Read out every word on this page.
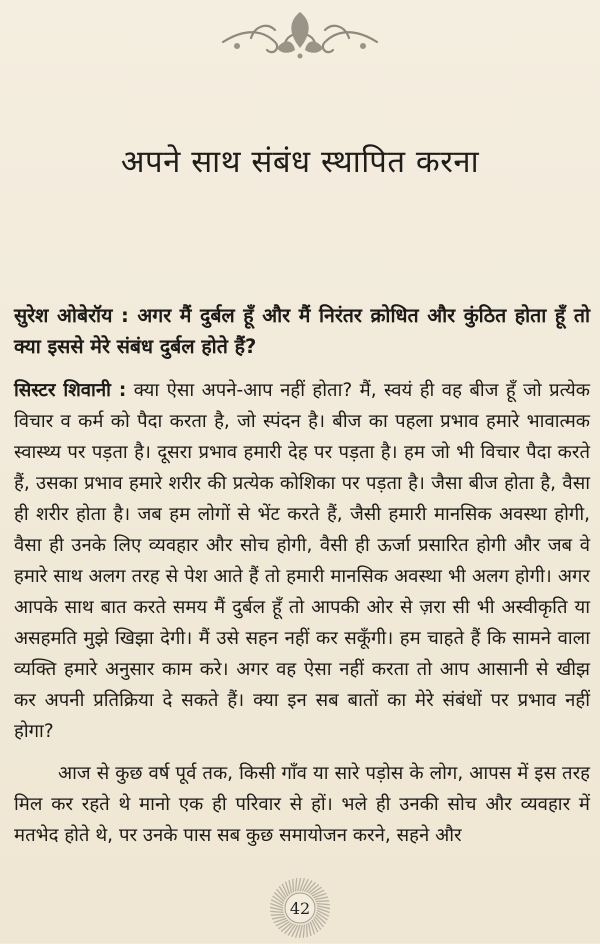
अपने साथ संबंध स्थापित करना
सुरेश ओबेरॉय : अगर मैं दुर्बल हूँ और मैं निरंतर क्रोधित और कुंठित होता हूँ तो क्या इससे मेरे संबंध दुर्बल होते हैं?
सिस्टर शिवानी : क्या ऐसा अपने-आप नहीं होता? मैं, स्वयं ही वह बीज हूँ जो प्रत्येक विचार व कर्म को पैदा करता है, जो स्पंदन है। बीज का पहला प्रभाव हमारे भावात्मक स्वास्थ्य पर पड़ता है। दूसरा प्रभाव हमारी देह पर पड़ता है। हम जो भी विचार पैदा करते हैं, उसका प्रभाव हमारे शरीर की प्रत्येक कोशिका पर पड़ता है। जैसा बीज होता है, वैसा ही शरीर होता है। जब हम लोगों से भेंट करते हैं, जैसी हमारी मानसिक अवस्था होगी, वैसा ही उनके लिए व्यवहार और सोच होगी, वैसी ही ऊर्जा प्रसारित होगी और जब वे हमारे साथ अलग तरह से पेश आते हैं तो हमारी मानसिक अवस्था भी अलग होगी। अगर आपके साथ बात करते समय मैं दुर्बल हूँ तो आपकी ओर से ज़रा सी भी अस्वीकृति या असहमति मुझे खिझा देगी। मैं उसे सहन नहीं कर सकूँगी। हम चाहते हैं कि सामने वाला व्यक्ति हमारे अनुसार काम करे। अगर वह ऐसा नहीं करता तो आप आसानी से खीझ कर अपनी प्रतिक्रिया दे सकते हैं। क्या इन सब बातों का मेरे संबंधों पर प्रभाव नहीं होगा?
आज से कुछ वर्ष पूर्व तक, किसी गाँव या सारे पड़ोस के लोग, आपस में इस तरह मिल कर रहते थे मानो एक ही परिवार से हों। भले ही उनकी सोच और व्यवहार में मतभेद होते थे, पर उनके पास सब कुछ समायोजन करने, सहने और
42
